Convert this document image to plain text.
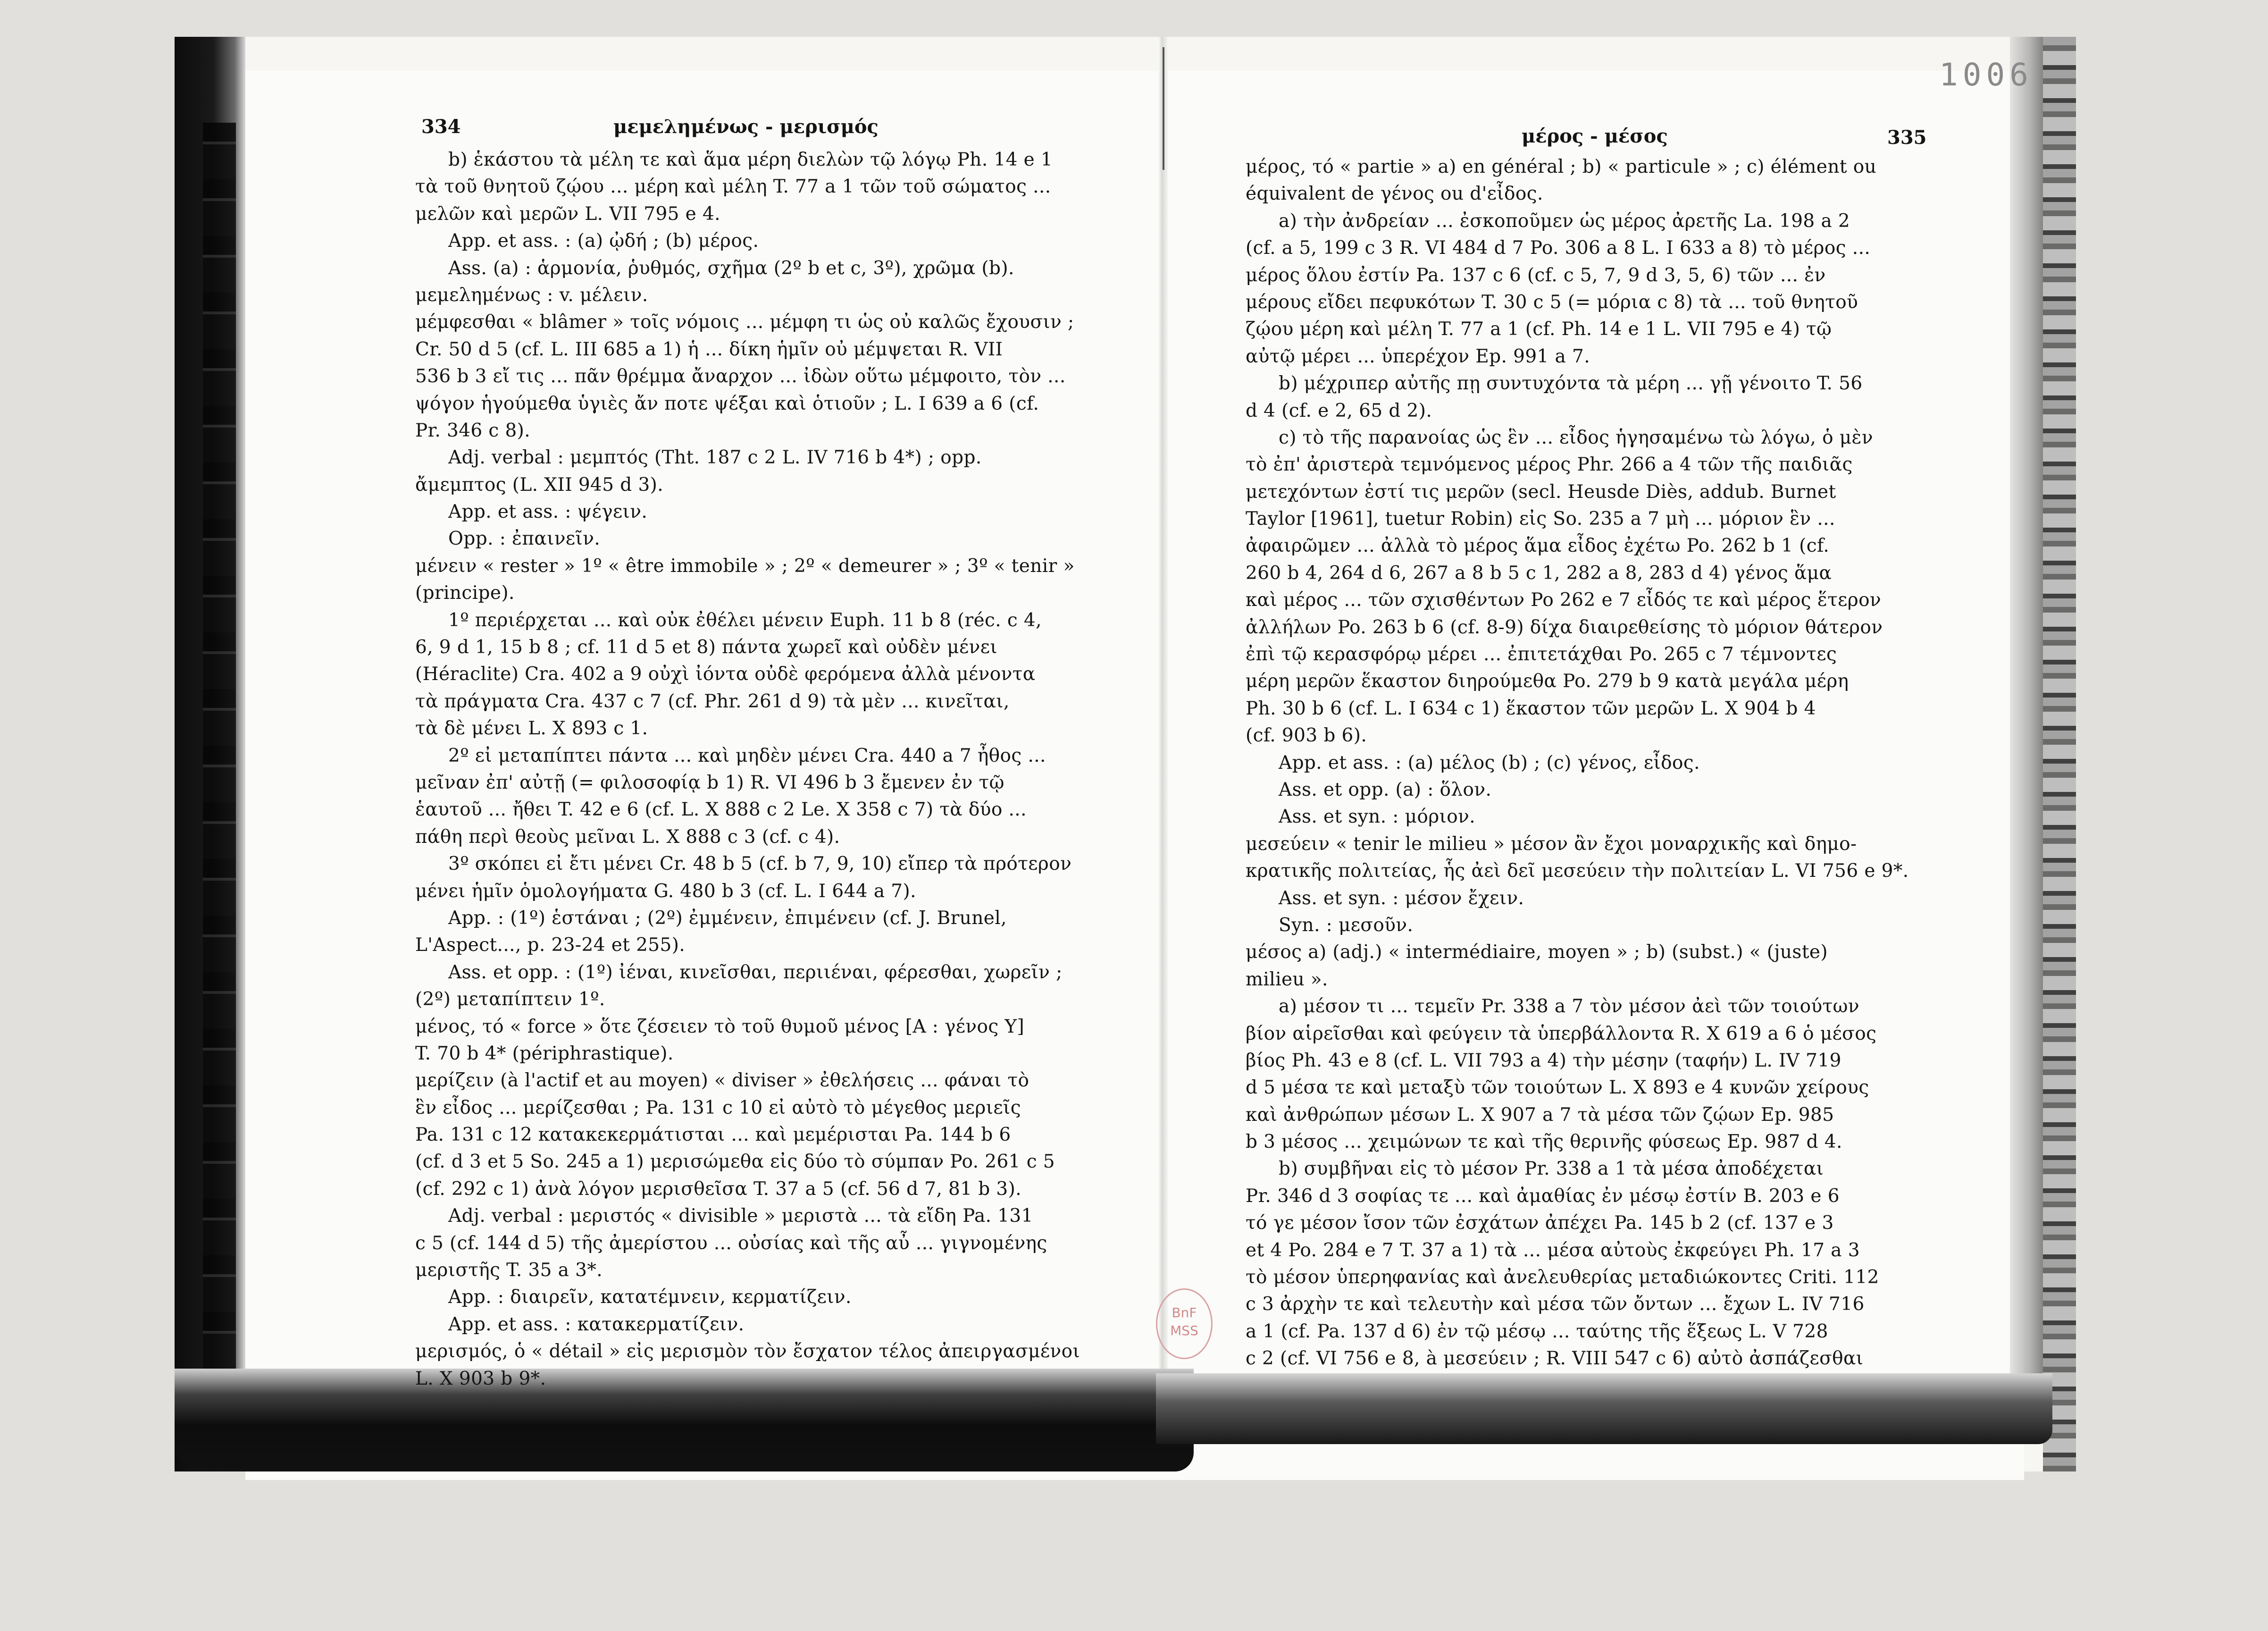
1006
334	μεμελημένως - μερισμός	μέρος - μέσος	335
b) ἑκάστου τὰ μέλη τε καὶ ἅμα μέρη διελὼν τῷ λόγῳ Ph. 14 e 1
τὰ τοῦ θνητοῦ ζῴου ... μέρη καὶ μέλη T. 77 a 1 τῶν τοῦ σώματος ...
μελῶν καὶ μερῶν L. VII 795 e 4.
App. et ass. : (a) ᾠδή ; (b) μέρος.
Ass. (a) : ἁρμονία, ῥυθμός, σχῆμα (2º b et c, 3º), χρῶμα (b).
μεμελημένως : v. μέλειν.
μέμφεσθαι « blâmer » τοῖς νόμοις ... μέμφη τι ὡς οὐ καλῶς ἔχουσιν ;
Cr. 50 d 5 (cf. L. III 685 a 1) ἡ ... δίκη ἡμῖν οὐ μέμψεται R. VII
536 b 3 εἴ τις ... πᾶν θρέμμα ἄναρχον ... ἰδὼν οὕτω μέμφοιτο, τὸν ...
ψόγον ἡγούμεθα ὑγιὲς ἄν ποτε ψέξαι καὶ ὁτιοῦν ; L. I 639 a 6 (cf.
Pr. 346 c 8).
Adj. verbal : μεμπτός (Tht. 187 c 2 L. IV 716 b 4*) ; opp.
ἄμεμπτος (L. XII 945 d 3).
App. et ass. : ψέγειν.
Opp. : ἐπαινεῖν.
μένειν « rester » 1º « être immobile » ; 2º « demeurer » ; 3º « tenir »
(principe).
1º περιέρχεται ... καὶ οὐκ ἐθέλει μένειν Euph. 11 b 8 (réc. c 4,
6, 9 d 1, 15 b 8 ; cf. 11 d 5 et 8) πάντα χωρεῖ καὶ οὐδὲν μένει
(Héraclite) Cra. 402 a 9 οὐχὶ ἰόντα οὐδὲ φερόμενα ἀλλὰ μένοντα
τὰ πράγματα Cra. 437 c 7 (cf. Phr. 261 d 9) τὰ μὲν ... κινεῖται,
τὰ δὲ μένει L. X 893 c 1.
2º εἰ μεταπίπτει πάντα ... καὶ μηδὲν μένει Cra. 440 a 7 ἦθος ...
μεῖναν ἐπ' αὐτῇ (= φιλοσοφίᾳ b 1) R. VI 496 b 3 ἔμενεν ἐν τῷ
ἑαυτοῦ ... ἤθει T. 42 e 6 (cf. L. X 888 c 2 Le. X 358 c 7) τὰ δύο ...
πάθη περὶ θεοὺς μεῖναι L. X 888 c 3 (cf. c 4).
3º σκόπει εἰ ἔτι μένει Cr. 48 b 5 (cf. b 7, 9, 10) εἴπερ τὰ πρότερον
μένει ἡμῖν ὁμολογήματα G. 480 b 3 (cf. L. I 644 a 7).
App. : (1º) ἑστάναι ; (2º) ἐμμένειν, ἐπιμένειν (cf. J. Brunel,
L'Aspect..., p. 23-24 et 255).
Ass. et opp. : (1º) ἰέναι, κινεῖσθαι, περιιέναι, φέρεσθαι, χωρεῖν ;
(2º) μεταπίπτειν 1º.
μένος, τό « force » ὅτε ζέσειεν τὸ τοῦ θυμοῦ μένος [A : γένος Y]
T. 70 b 4* (périphrastique).
μερίζειν (à l'actif et au moyen) « diviser » ἐθελήσεις ... φάναι τὸ
ἓν εἶδος ... μερίζεσθαι ; Pa. 131 c 10 εἰ αὐτὸ τὸ μέγεθος μεριεῖς
Pa. 131 c 12 κατακεκερμάτισται ... καὶ μεμέρισται Pa. 144 b 6
(cf. d 3 et 5 So. 245 a 1) μερισώμεθα εἰς δύο τὸ σύμπαν Po. 261 c 5
(cf. 292 c 1) ἀνὰ λόγον μερισθεῖσα T. 37 a 5 (cf. 56 d 7, 81 b 3).
Adj. verbal : μεριστός « divisible » μεριστὰ ... τὰ εἴδη Pa. 131
c 5 (cf. 144 d 5) τῆς ἀμερίστου ... οὐσίας καὶ τῆς αὖ ... γιγνομένης
μεριστῆς T. 35 a 3*.
App. : διαιρεῖν, κατατέμνειν, κερματίζειν.
App. et ass. : κατακερματίζειν.
μερισμός, ὁ « détail » εἰς μερισμὸν τὸν ἔσχατον τέλος ἀπειργασμένοι
L. X 903 b 9*.
μέρος, τό « partie » a) en général ; b) « particule » ; c) élément ou
équivalent de γένος ou d'εἶδος.
a) τὴν ἀνδρείαν ... ἐσκοποῦμεν ὡς μέρος ἀρετῆς La. 198 a 2
(cf. a 5, 199 c 3 R. VI 484 d 7 Po. 306 a 8 L. I 633 a 8) τὸ μέρος ...
μέρος ὅλου ἐστίν Pa. 137 c 6 (cf. c 5, 7, 9 d 3, 5, 6) τῶν ... ἐν
μέρους εἴδει πεφυκότων T. 30 c 5 (= μόρια c 8) τὰ ... τοῦ θνητοῦ
ζῴου μέρη καὶ μέλη T. 77 a 1 (cf. Ph. 14 e 1 L. VII 795 e 4) τῷ
αὐτῷ μέρει ... ὑπερέχον Ep. 991 a 7.
b) μέχριπερ αὐτῆς πῃ συντυχόντα τὰ μέρη ... γῇ γένοιτο T. 56
d 4 (cf. e 2, 65 d 2).
c) τὸ τῆς παρανοίας ὡς ἓν ... εἶδος ἡγησαμένω τὼ λόγω, ὁ μὲν
τὸ ἐπ' ἀριστερὰ τεμνόμενος μέρος Phr. 266 a 4 τῶν τῆς παιδιᾶς
μετεχόντων ἐστί τις μερῶν (secl. Heusde Diès, addub. Burnet
Taylor [1961], tuetur Robin) εἰς So. 235 a 7 μὴ ... μόριον ἓν ...
ἀφαιρῶμεν ... ἀλλὰ τὸ μέρος ἅμα εἶδος ἐχέτω Po. 262 b 1 (cf.
260 b 4, 264 d 6, 267 a 8 b 5 c 1, 282 a 8, 283 d 4) γένος ἅμα
καὶ μέρος ... τῶν σχισθέντων Po 262 e 7 εἶδός τε καὶ μέρος ἕτερον
ἀλλήλων Po. 263 b 6 (cf. 8-9) δίχα διαιρεθείσης τὸ μόριον θάτερον
ἐπὶ τῷ κερασφόρῳ μέρει ... ἐπιτετάχθαι Po. 265 c 7 τέμνοντες
μέρη μερῶν ἕκαστον διηρούμεθα Po. 279 b 9 κατὰ μεγάλα μέρη
Ph. 30 b 6 (cf. L. I 634 c 1) ἕκαστον τῶν μερῶν L. X 904 b 4
(cf. 903 b 6).
App. et ass. : (a) μέλος (b) ; (c) γένος, εἶδος.
Ass. et opp. (a) : ὅλον.
Ass. et syn. : μόριον.
μεσεύειν « tenir le milieu » μέσον ἂν ἔχοι μοναρχικῆς καὶ δημο-
κρατικῆς πολιτείας, ἧς ἀεὶ δεῖ μεσεύειν τὴν πολιτείαν L. VI 756 e 9*.
Ass. et syn. : μέσον ἔχειν.
Syn. : μεσοῦν.
μέσος a) (adj.) « intermédiaire, moyen » ; b) (subst.) « (juste)
milieu ».
a) μέσον τι ... τεμεῖν Pr. 338 a 7 τὸν μέσον ἀεὶ τῶν τοιούτων
βίον αἱρεῖσθαι καὶ φεύγειν τὰ ὑπερβάλλοντα R. X 619 a 6 ὁ μέσος
βίος Ph. 43 e 8 (cf. L. VII 793 a 4) τὴν μέσην (ταφήν) L. IV 719
d 5 μέσα τε καὶ μεταξὺ τῶν τοιούτων L. X 893 e 4 κυνῶν χείρους
καὶ ἀνθρώπων μέσων L. X 907 a 7 τὰ μέσα τῶν ζῴων Ep. 985
b 3 μέσος ... χειμώνων τε καὶ τῆς θερινῆς φύσεως Ep. 987 d 4.
b) συμβῆναι εἰς τὸ μέσον Pr. 338 a 1 τὰ μέσα ἀποδέχεται
Pr. 346 d 3 σοφίας τε ... καὶ ἀμαθίας ἐν μέσῳ ἐστίν B. 203 e 6
τό γε μέσον ἴσον τῶν ἐσχάτων ἀπέχει Pa. 145 b 2 (cf. 137 e 3
et 4 Po. 284 e 7 T. 37 a 1) τὰ ... μέσα αὐτοὺς ἐκφεύγει Ph. 17 a 3
τὸ μέσον ὑπερηφανίας καὶ ἀνελευθερίας μεταδιώκοντες Criti. 112
c 3 ἀρχὴν τε καὶ τελευτὴν καὶ μέσα τῶν ὄντων ... ἔχων L. IV 716
a 1 (cf. Pa. 137 d 6) ἐν τῷ μέσῳ ... ταύτης τῆς ἕξεως L. V 728
c 2 (cf. VI 756 e 8, à μεσεύειν ; R. VIII 547 c 6) αὐτὸ ἀσπάζεσθαι
BnF
MSS
